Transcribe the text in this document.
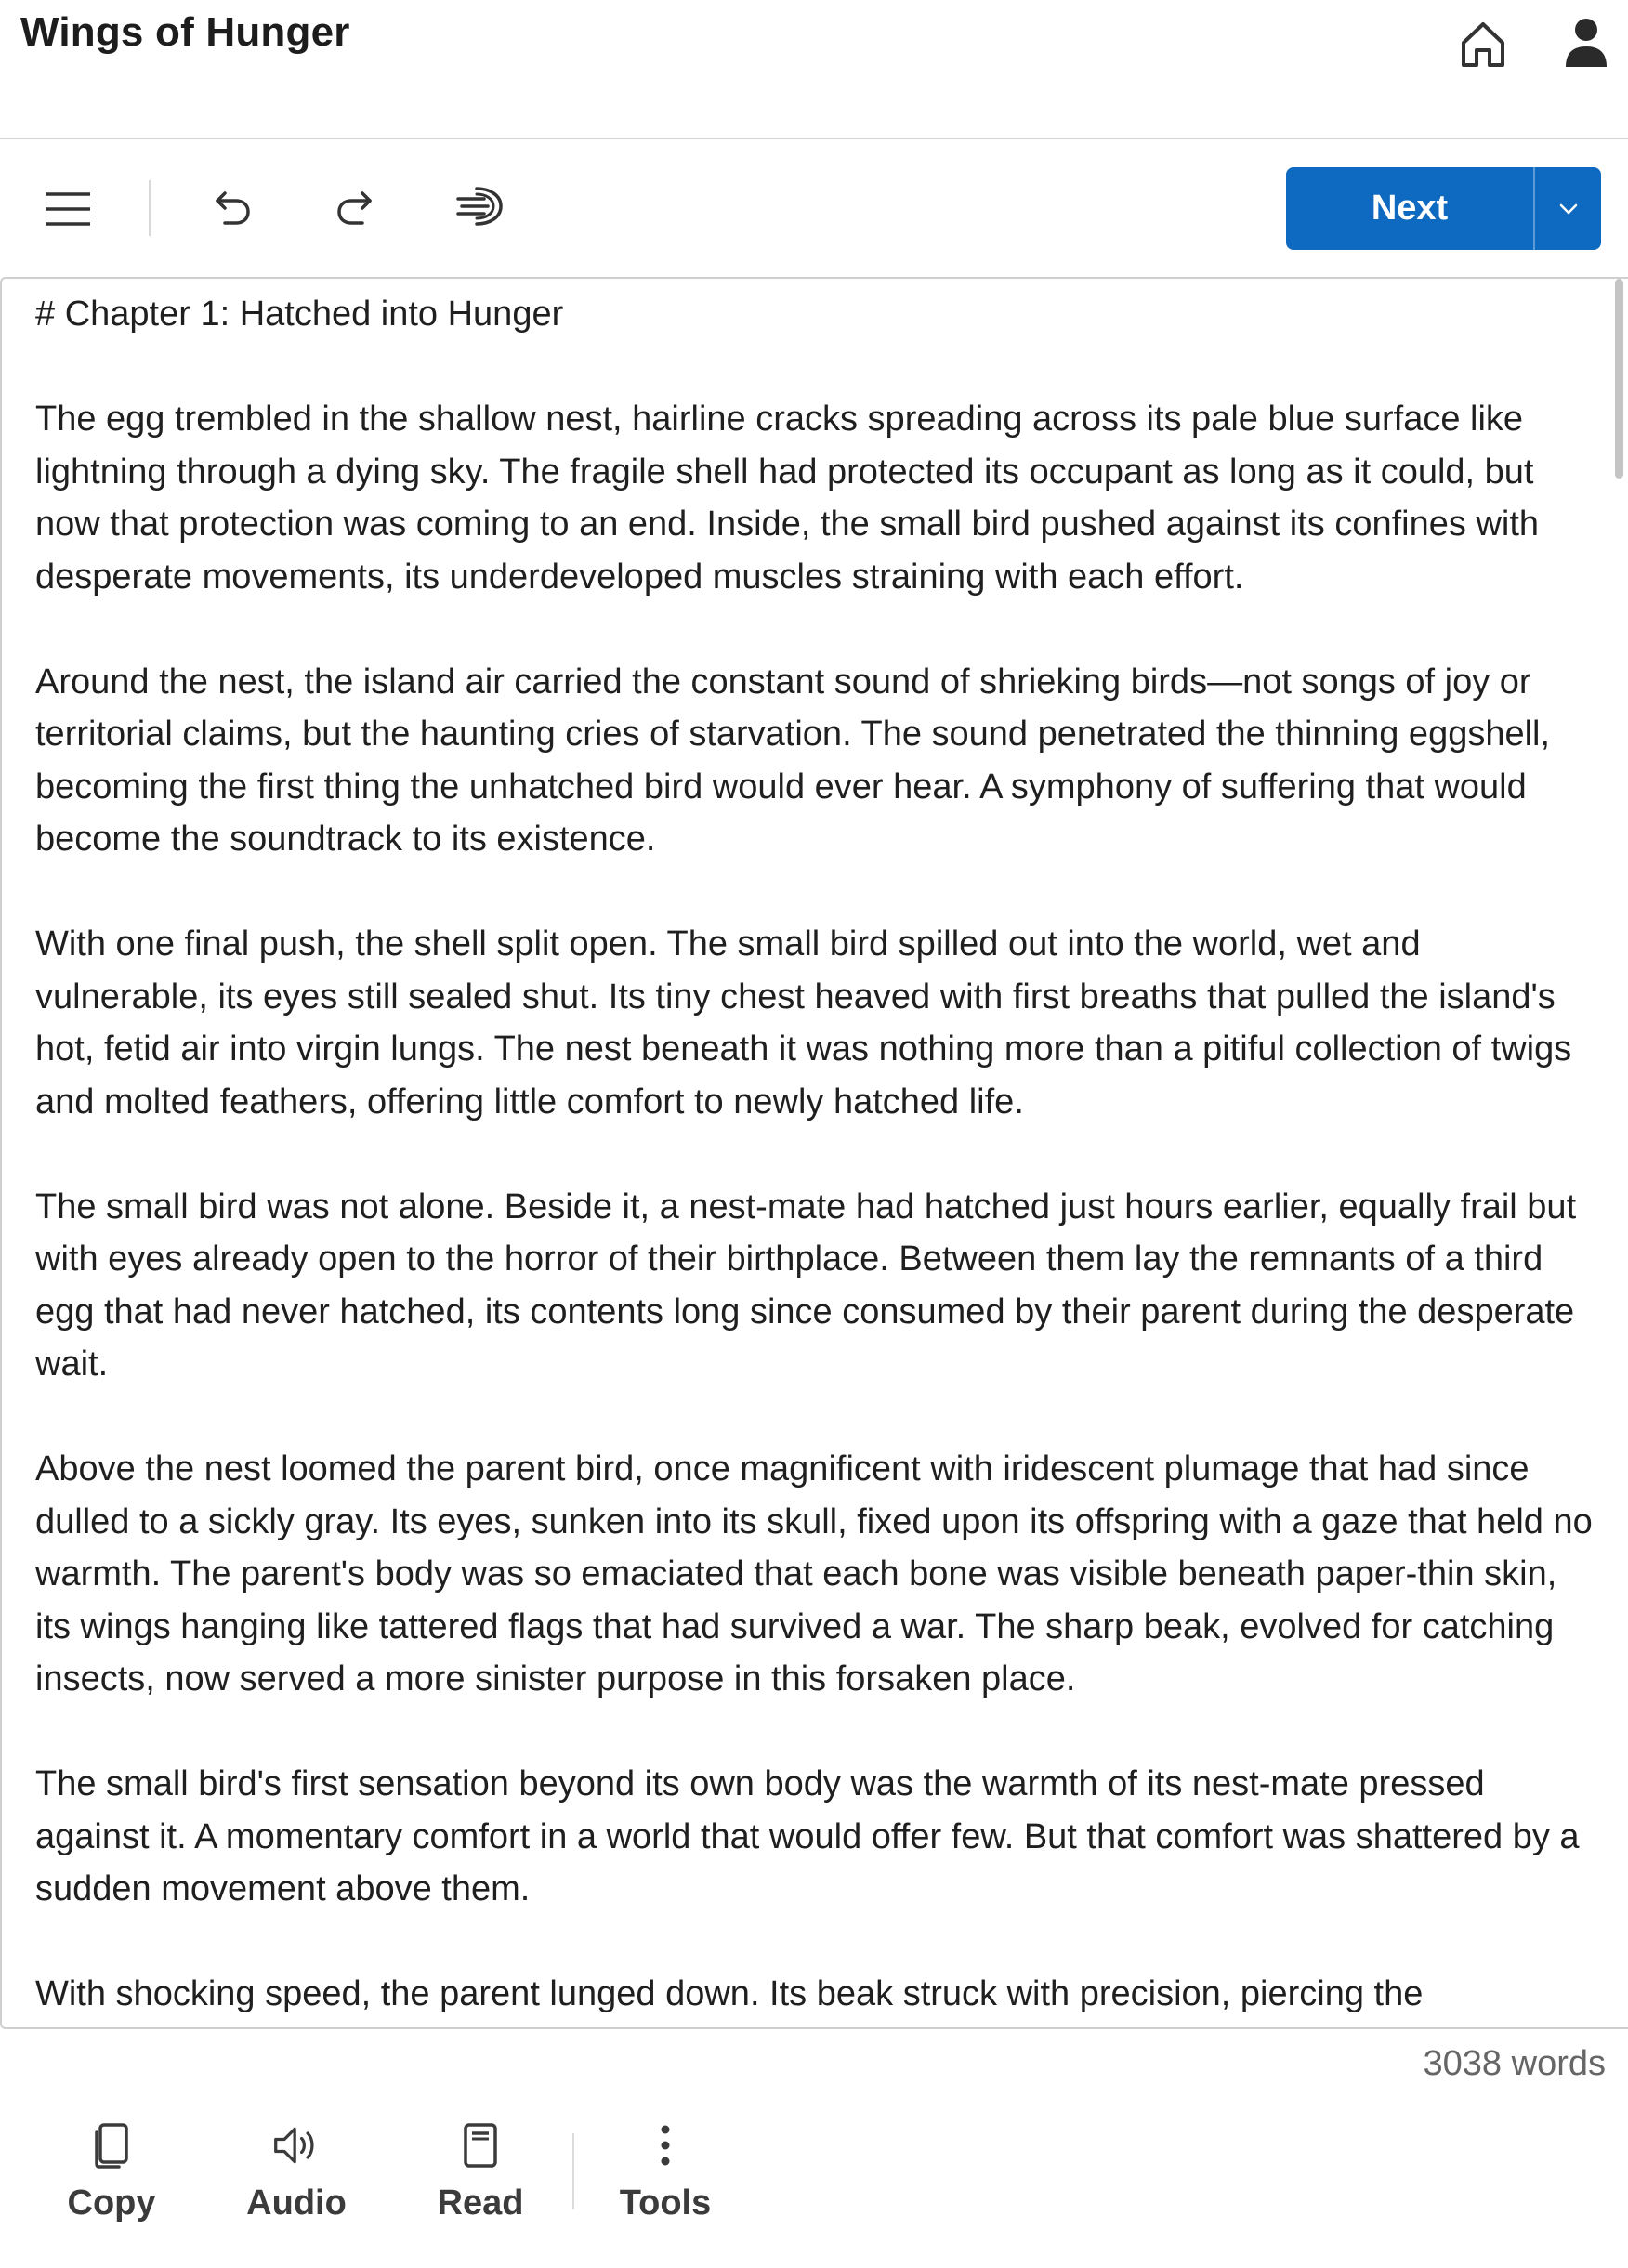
Wings of Hunger
Next
# Chapter 1: Hatched into Hunger

The egg trembled in the shallow nest, hairline cracks spreading across its pale blue surface like lightning through a dying sky. The fragile shell had protected its occupant as long as it could, but now that protection was coming to an end. Inside, the small bird pushed against its confines with desperate movements, its underdeveloped muscles straining with each effort.

Around the nest, the island air carried the constant sound of shrieking birds—not songs of joy or territorial claims, but the haunting cries of starvation. The sound penetrated the thinning eggshell, becoming the first thing the unhatched bird would ever hear. A symphony of suffering that would become the soundtrack to its existence.

With one final push, the shell split open. The small bird spilled out into the world, wet and vulnerable, its eyes still sealed shut. Its tiny chest heaved with first breaths that pulled the island's hot, fetid air into virgin lungs. The nest beneath it was nothing more than a pitiful collection of twigs and molted feathers, offering little comfort to newly hatched life.

The small bird was not alone. Beside it, a nest-mate had hatched just hours earlier, equally frail but with eyes already open to the horror of their birthplace. Between them lay the remnants of a third egg that had never hatched, its contents long since consumed by their parent during the desperate wait.

Above the nest loomed the parent bird, once magnificent with iridescent plumage that had since dulled to a sickly gray. Its eyes, sunken into its skull, fixed upon its offspring with a gaze that held no warmth. The parent's body was so emaciated that each bone was visible beneath paper-thin skin, its wings hanging like tattered flags that had survived a war. The sharp beak, evolved for catching insects, now served a more sinister purpose in this forsaken place.

The small bird's first sensation beyond its own body was the warmth of its nest-mate pressed against it. A momentary comfort in a world that would offer few. But that comfort was shattered by a sudden movement above them.

With shocking speed, the parent lunged down. Its beak struck with precision, piercing the
3038 words
Copy	Audio	Read	Tools
